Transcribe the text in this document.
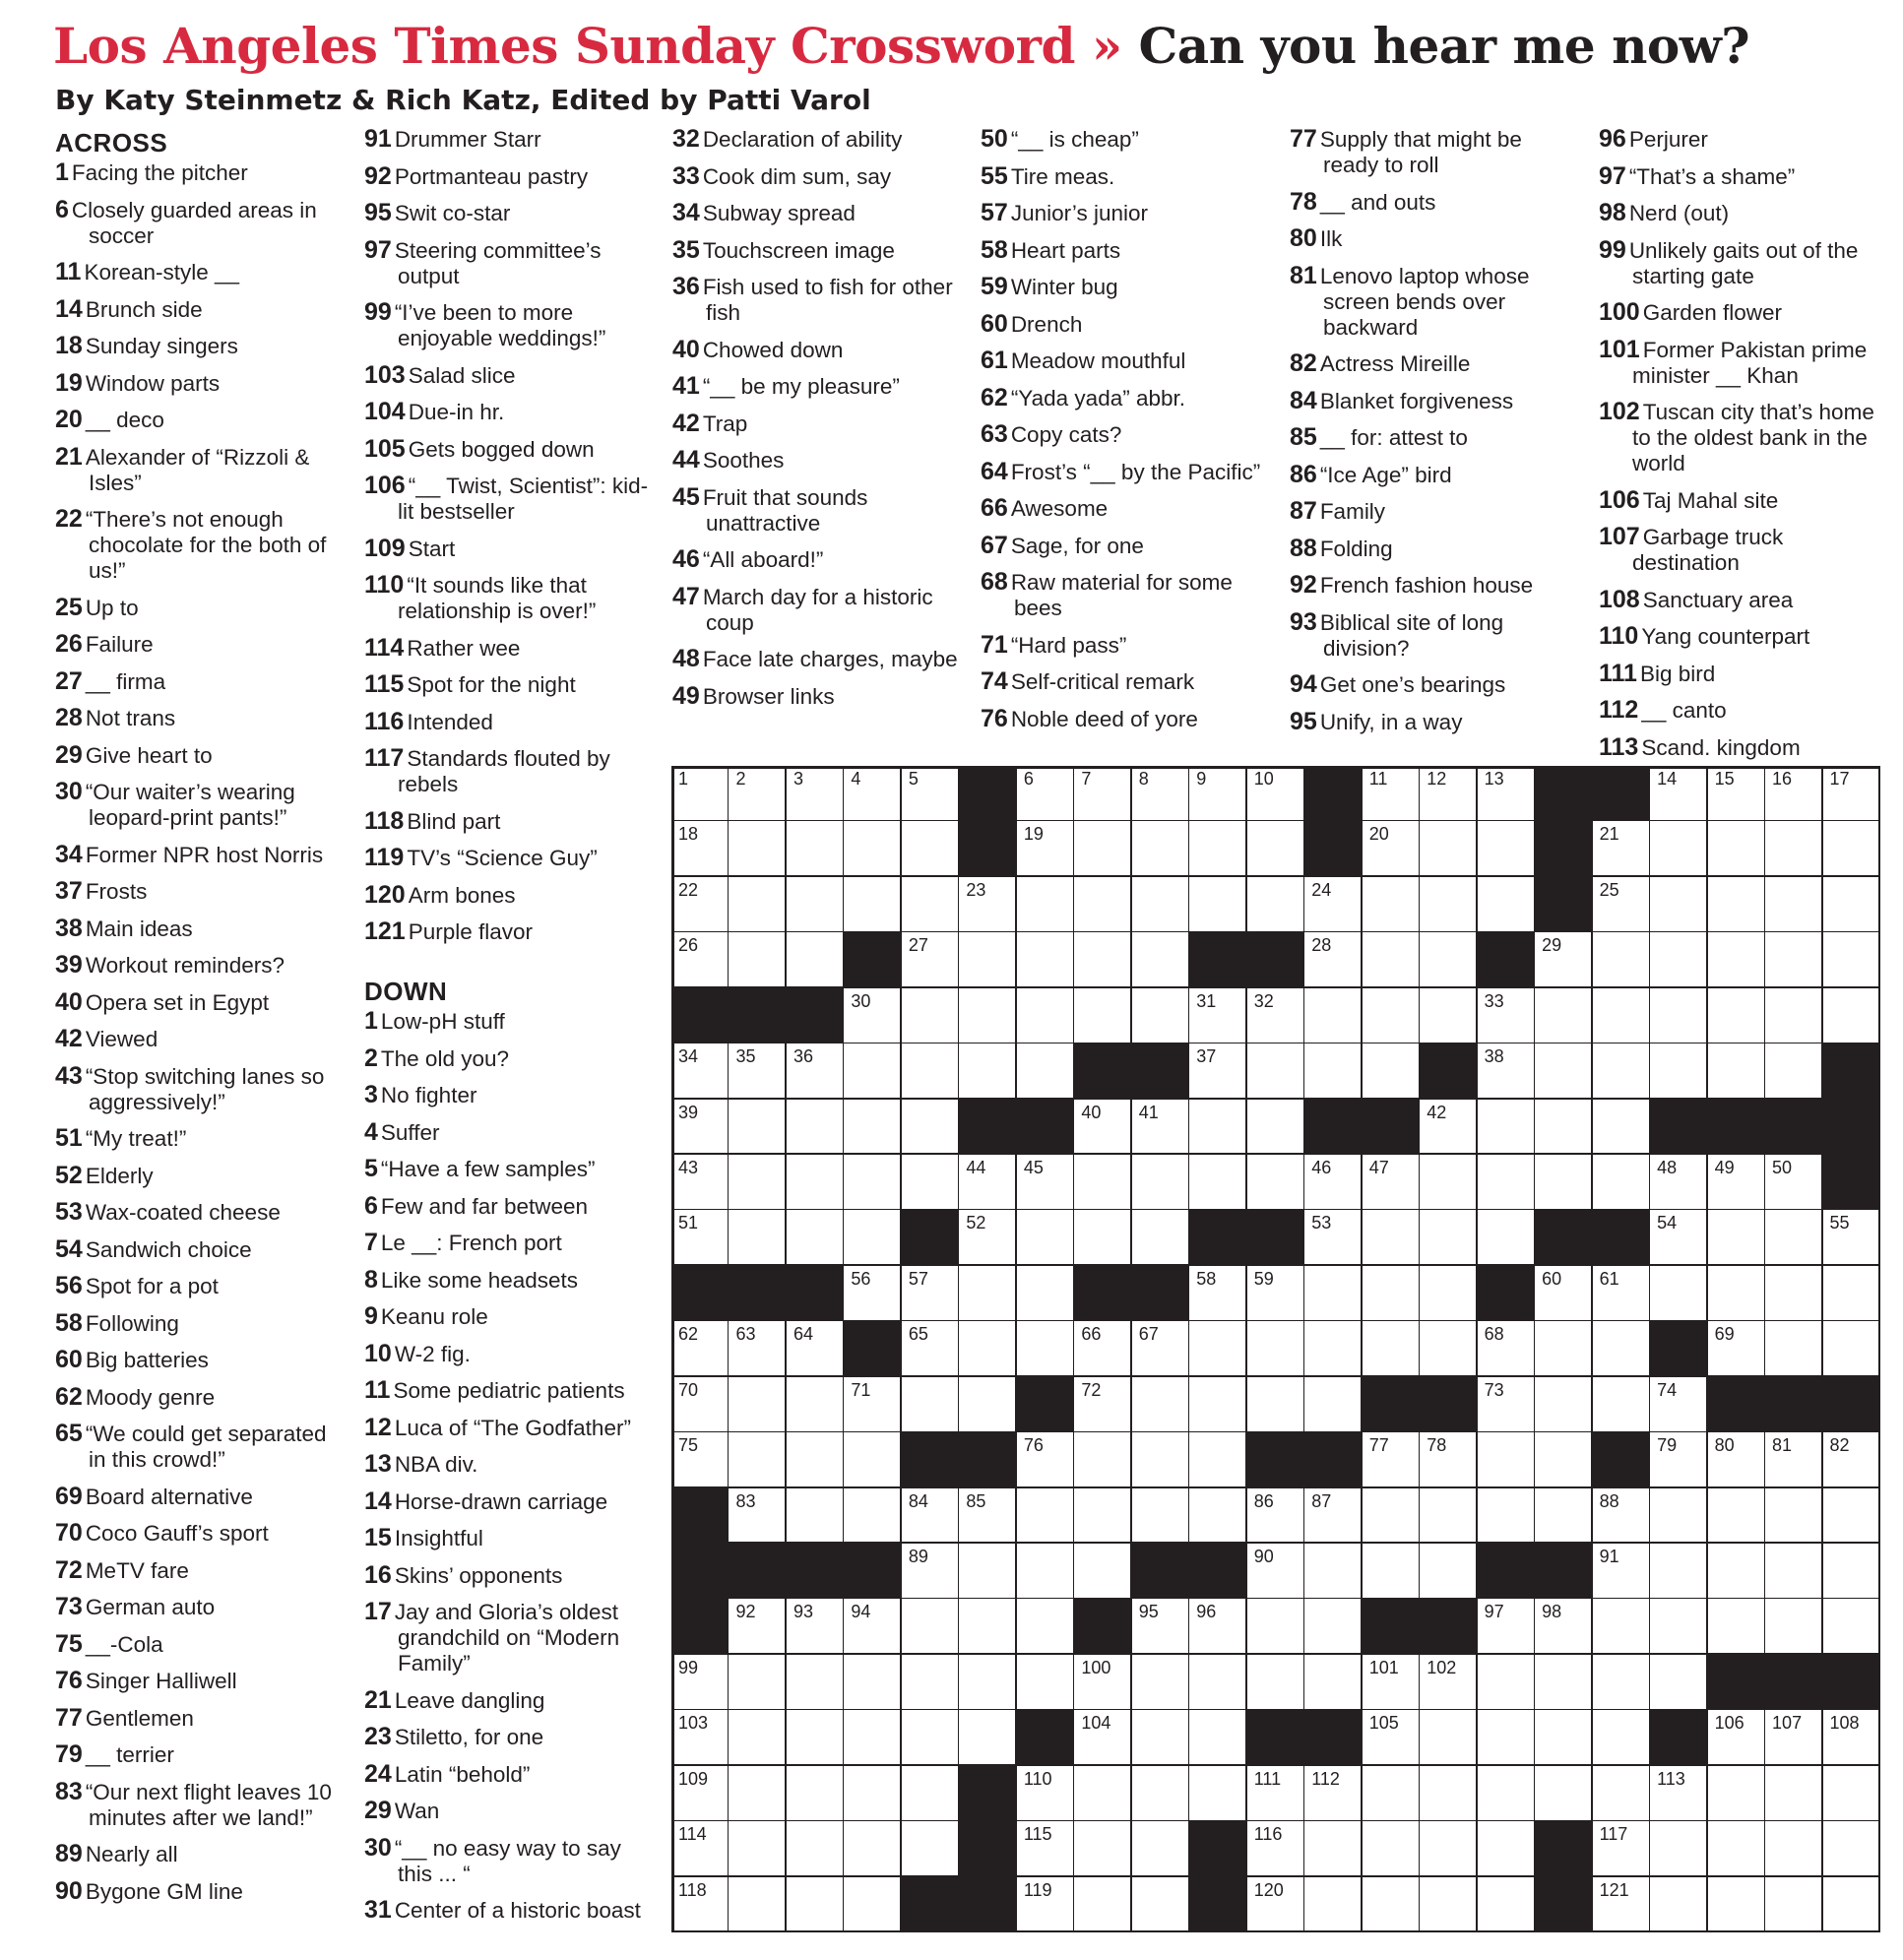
Los Angeles Times Sunday Crossword » Can you hear me now?
By Katy Steinmetz & Rich Katz, Edited by Patti Varol
ACROSS
1 Facing the pitcher
6 Closely guarded areas in soccer
11 Korean-style __
14 Brunch side
18 Sunday singers
19 Window parts
20 __ deco
21 Alexander of “Rizzoli & Isles”
22 “There’s not enough chocolate for the both of us!”
25 Up to
26 Failure
27 __ firma
28 Not trans
29 Give heart to
30 “Our waiter’s wearing leopard-print pants!”
34 Former NPR host Norris
37 Frosts
38 Main ideas
39 Workout reminders?
40 Opera set in Egypt
42 Viewed
43 “Stop switching lanes so aggressively!”
51 “My treat!”
52 Elderly
53 Wax-coated cheese
54 Sandwich choice
56 Spot for a pot
58 Following
60 Big batteries
62 Moody genre
65 “We could get separated in this crowd!”
69 Board alternative
70 Coco Gauff’s sport
72 MeTV fare
73 German auto
75 __-Cola
76 Singer Halliwell
77 Gentlemen
79 __ terrier
83 “Our next flight leaves 10 minutes after we land!”
89 Nearly all
90 Bygone GM line
91 Drummer Starr
92 Portmanteau pastry
95 Swit co-star
97 Steering committee’s output
99 “I’ve been to more enjoyable weddings!”
103 Salad slice
104 Due-in hr.
105 Gets bogged down
106 “__ Twist, Scientist”: kid-lit bestseller
109 Start
110 “It sounds like that relationship is over!”
114 Rather wee
115 Spot for the night
116 Intended
117 Standards flouted by rebels
118 Blind part
119 TV’s “Science Guy”
120 Arm bones
121 Purple flavor
DOWN
1 Low-pH stuff
2 The old you?
3 No fighter
4 Suffer
5 “Have a few samples”
6 Few and far between
7 Le __: French port
8 Like some headsets
9 Keanu role
10 W-2 fig.
11 Some pediatric patients
12 Luca of “The Godfather”
13 NBA div.
14 Horse-drawn carriage
15 Insightful
16 Skins’ opponents
17 Jay and Gloria’s oldest grandchild on “Modern Family”
21 Leave dangling
23 Stiletto, for one
24 Latin “behold”
29 Wan
30 “__ no easy way to say this ... “
31 Center of a historic boast
32 Declaration of ability
33 Cook dim sum, say
34 Subway spread
35 Touchscreen image
36 Fish used to fish for other fish
40 Chowed down
41 “__ be my pleasure”
42 Trap
44 Soothes
45 Fruit that sounds unattractive
46 “All aboard!”
47 March day for a historic coup
48 Face late charges, maybe
49 Browser links
50 “__ is cheap”
55 Tire meas.
57 Junior’s junior
58 Heart parts
59 Winter bug
60 Drench
61 Meadow mouthful
62 “Yada yada” abbr.
63 Copy cats?
64 Frost’s “__ by the Pacific”
66 Awesome
67 Sage, for one
68 Raw material for some bees
71 “Hard pass”
74 Self-critical remark
76 Noble deed of yore
77 Supply that might be ready to roll
78 __ and outs
80 Ilk
81 Lenovo laptop whose screen bends over backward
82 Actress Mireille
84 Blanket forgiveness
85 __ for: attest to
86 “Ice Age” bird
87 Family
88 Folding
92 French fashion house
93 Biblical site of long division?
94 Get one’s bearings
95 Unify, in a way
96 Perjurer
97 “That’s a shame”
98 Nerd (out)
99 Unlikely gaits out of the starting gate
100 Garden flower
101 Former Pakistan prime minister __ Khan
102 Tuscan city that’s home to the oldest bank in the world
106 Taj Mahal site
107 Garbage truck destination
108 Sanctuary area
110 Yang counterpart
111 Big bird
112 __ canto
113 Scand. kingdom
1	2	3	4	5	6	7	8	9	10	11 12 13	14 15 16 17
18	19	20	21
22	23	24	25
26	27	28	29
30	31 32	33
34 35 36	37	38
39	40 41	42
43	44 45	46 47	48 49 50
51	52	53	54	55
56 57	58 59	60 61
62 63 64	65	66 67	68	69
70	71	72	73	74
75	76	77 78	79 80 81 82
83	84 85	86 87	88
89	90	91
92 93 94	95 96	97 98
99	100	101 102
103	104	105	106 107 108
109	110	111 112	113
114	115	116	117
118	119	120	121
